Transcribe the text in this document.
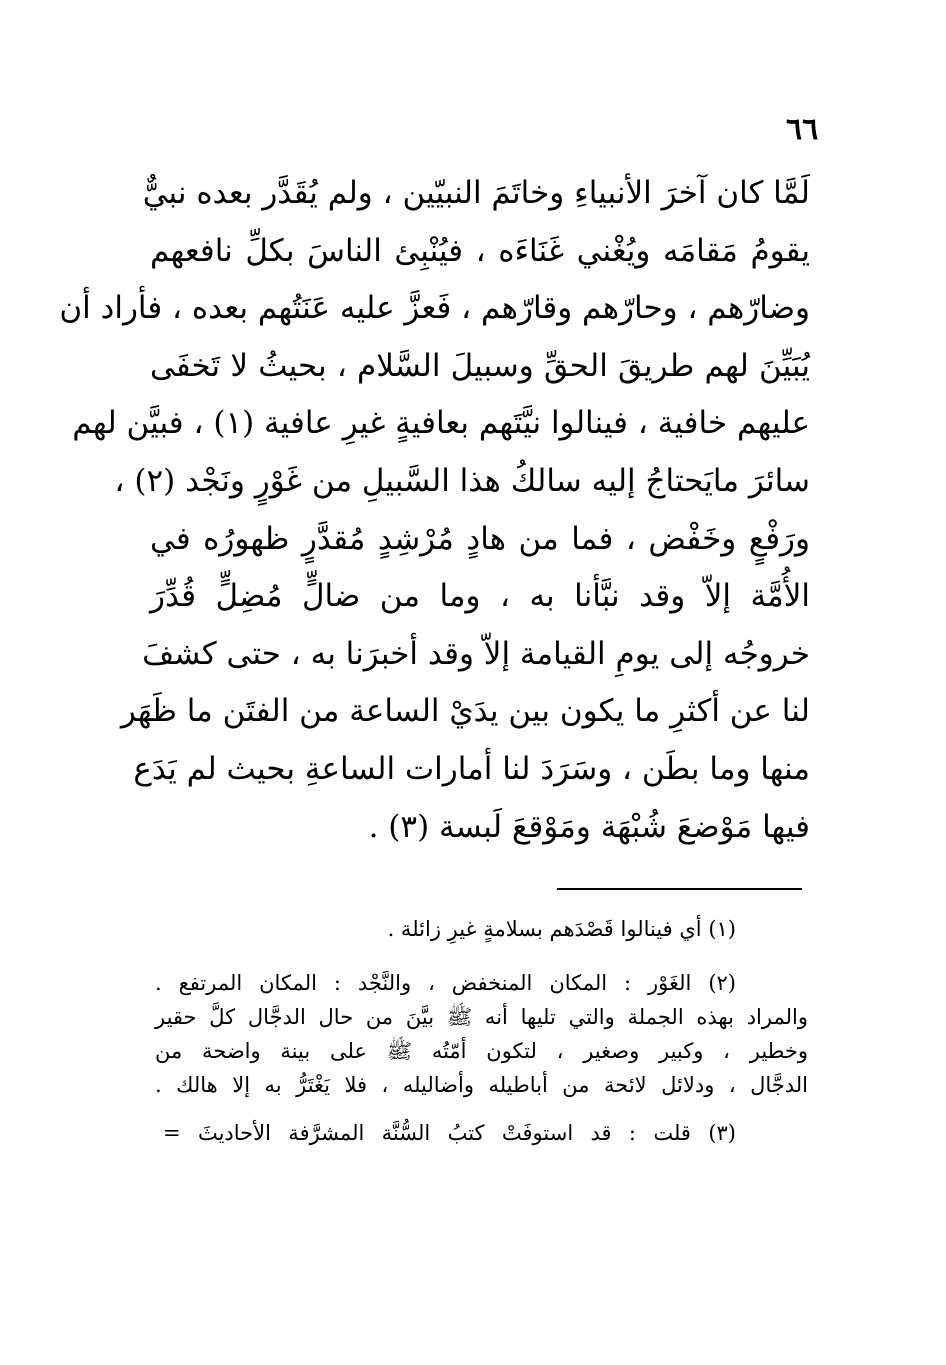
٦٦
لَمَّا كان آخرَ الأنبياءِ وخاتَمَ النبيّين ، ولم يُقَدَّر بعده نبيٌّ
يقومُ مَقامَه ويُغْني غَنَاءَه ، فيُنْبِئ الناسَ بكلِّ نافعهم
وضارّهم ، وحارّهم وقارّهم ، فَعزَّ عليه عَنَتُهم بعده ، فأراد أن
يُبَيِّنَ لهم طريقَ الحقِّ وسبيلَ السَّلام ، بحيثُ لا تَخفَى
عليهم خافية ، فينالوا نيَّتَهم بعافيةٍ غيرِ عافية (١) ، فبيَّن لهم
سائرَ مايَحتاجُ إليه سالكُ هذا السَّبيلِ من غَوْرٍ ونَجْد (٢) ،
ورَفْعٍ وخَفْض ، فما من هادٍ مُرْشِدٍ مُقدَّرٍ ظهورُه في
الأُمَّة إلاّ وقد نبَّأنا به ، وما من ضالٍّ مُضِلٍّ قُدِّرَ
خروجُه إلى يومِ القيامة إلاّ وقد أخبرَنا به ، حتى كشفَ
لنا عن أكثرِ ما يكون بين يدَيْ الساعة من الفتَن ما ظَهَر
منها وما بطَن ، وسَرَدَ لنا أمارات الساعةِ بحيث لم يَدَع
فيها مَوْضعَ شُبْهَة ومَوْقعَ لَبسة (٣) .
(١) أي فينالوا قَصْدَهم بسلامةٍ غيرِ زائلة .
(٢) الغَوْر : المكان المنخفض ، والنَّجْد : المكان المرتفع .
والمراد بهذه الجملة والتي تليها أنه ﷺ بيَّنَ من حال الدجَّال كلَّ حقير
وخطير ، وكبير وصغير ، لتكون أمّتُه ﷺ على بينة واضحة من
الدجَّال ، ودلائل لائحة من أباطيله وأضاليله ، فلا يَغْتَرُّ به إلا هالك .
(٣) قلت : قد استوفَتْ كتبُ السُّنَّة المشرَّفة الأحاديثَ =
